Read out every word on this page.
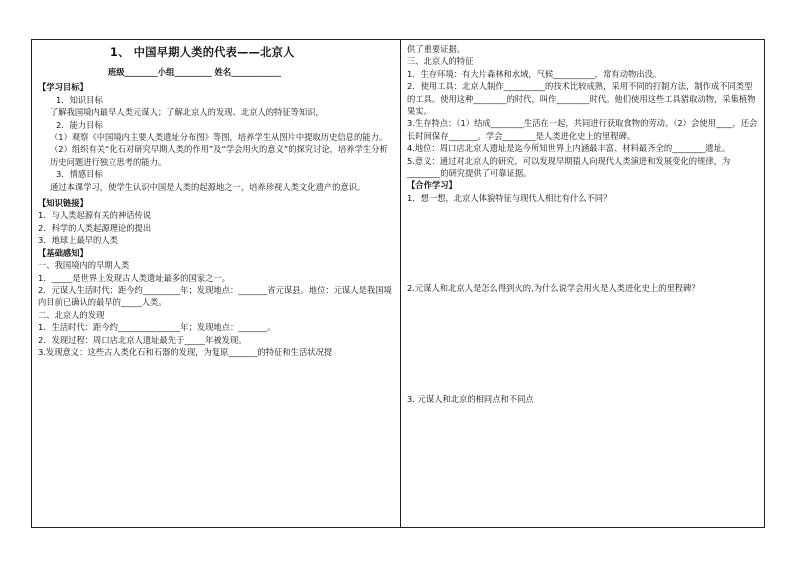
1、 中国早期人类的代表——北京人
班级________小组_________ 姓名____________
【学习目标】
1．知识目标
了解我国境内最早人类元谋人；了解北京人的发现、北京人的特征等知识，
2．能力目标
（1）观察《中国境内主要人类遗址分布图》等图，培养学生从图片中提取历史信息的能力。
（2）组织有关“化石对研究早期人类的作用”及“学会用火的意义”的探究讨论，培养学生分析历史问题进行独立思考的能力。
3．情感目标
通过本课学习，使学生认识中国是人类的起源地之一，培养珍视人类文化遗产的意识。
【知识链接】
1．与人类起源有关的神话传说
2．科学的人类起源理论的提出
3．地球上最早的人类
【基础感知】
一、我国境内的早期人类
1．_____是世界上发现古人类遗址最多的国家之一。
2．元谋人生活时代：距今约_________年；发现地点：_______省元谋县。地位：元谋人是我国境内目前已确认的最早的_____人类。
二、北京人的发现
1．生活时代：距今约_______________年；发现地点：_______。
2．发现过程：周口店北京人遗址最先于_____年被发现。
3.发现意义：这些古人类化石和石器的发现，为复原_______的特征和生活状况提
供了重要证据。
三、北京人的特征
1．生存环境：有大片森林和水域，气候__________，常有动物出没。
2．使用工具：北京人制作__________的技术比较成熟，采用不同的打制方法，制作成不同类型的工具。使用这种________的时代，叫作________时代。他们使用这些工具猎取动物，采集植物果实。
3.生存特点：（1）结成________生活在一起，共同进行获取食物的劳动。（2）会使用____，还会长时间保存_______。学会________是人类进化史上的里程碑。
4.地位：周口店北京人遗址是迄今所知世界上内涵最丰富、材料最齐全的________遗址。
5.意义：通过对北京人的研究，可以发现早期猿人向现代人类演进和发展变化的规律，为________的研究提供了可靠证据。
【合作学习】
1．想一想，北京人体貌特征与现代人相比有什么不同？
2.元谋人和北京人是怎么得到火的,为什么说学会用火是人类进化史上的里程碑？
3. 元谋人和北京的相同点和不同点
